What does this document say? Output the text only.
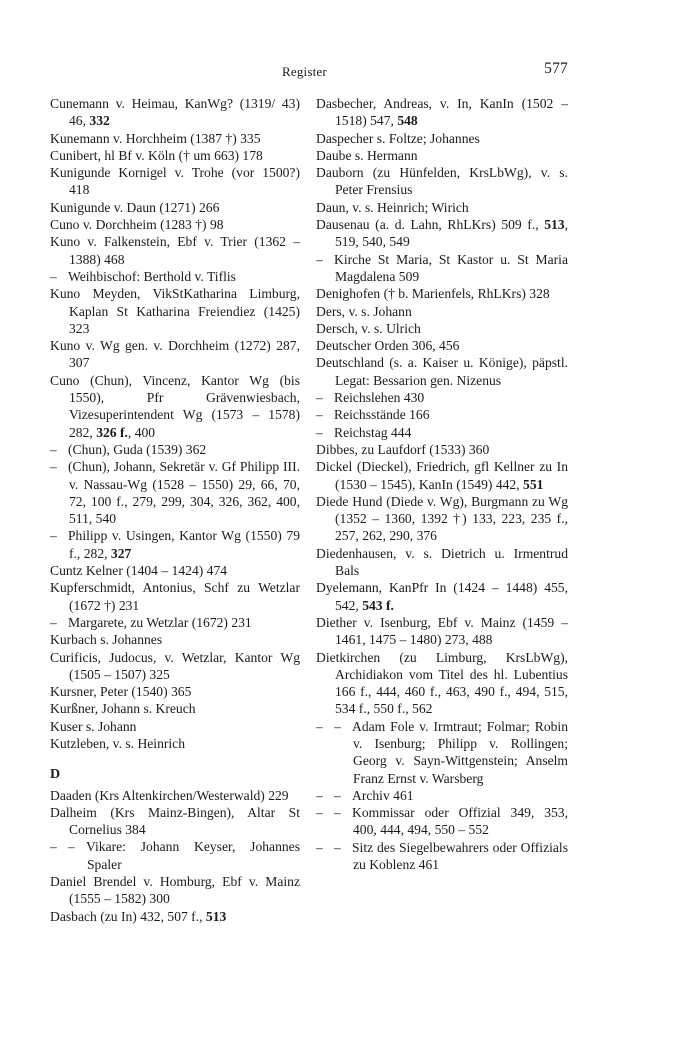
Register	577
Cunemann v. Heimau, KanWg? (1319/ 43) 46, 332
Kunemann v. Horchheim (1387 †) 335
Cunibert, hl Bf v. Köln († um 663) 178
Kunigunde Kornigel v. Trohe (vor 1500?) 418
Kunigunde v. Daun (1271) 266
Cuno v. Dorchheim (1283 †) 98
Kuno v. Falkenstein, Ebf v. Trier (1362 – 1388) 468
– Weihbischof: Berthold v. Tiflis
Kuno Meyden, VikStKatharina Limburg, Kaplan St Katharina Freiendiez (1425) 323
Kuno v. Wg gen. v. Dorchheim (1272) 287, 307
Cuno (Chun), Vincenz, Kantor Wg (bis 1550), Pfr Grävenwiesbach, Vizesuperintendent Wg (1573 – 1578) 282, 326 f., 400
– (Chun), Guda (1539) 362
– (Chun), Johann, Sekretär v. Gf Philipp III. v. Nassau-Wg (1528 – 1550) 29, 66, 70, 72, 100 f., 279, 299, 304, 326, 362, 400, 511, 540
– Philipp v. Usingen, Kantor Wg (1550) 79 f., 282, 327
Cuntz Kelner (1404 – 1424) 474
Kupferschmidt, Antonius, Schf zu Wetzlar (1672 †) 231
– Margarete, zu Wetzlar (1672) 231
Kurbach s. Johannes
Curificis, Judocus, v. Wetzlar, Kantor Wg (1505 – 1507) 325
Kursner, Peter (1540) 365
Kurßner, Johann s. Kreuch
Kuser s. Johann
Kutzleben, v. s. Heinrich
D
Daaden (Krs Altenkirchen/Westerwald) 229
Dalheim (Krs Mainz-Bingen), Altar St Cornelius 384
– – Vikare: Johann Keyser, Johannes Spaler
Daniel Brendel v. Homburg, Ebf v. Mainz (1555 – 1582) 300
Dasbach (zu In) 432, 507 f., 513
Dasbecher, Andreas, v. In, KanIn (1502 – 1518) 547, 548
Daspecher s. Foltze; Johannes
Daube s. Hermann
Dauborn (zu Hünfelden, KrsLbWg), v. s. Peter Frensius
Daun, v. s. Heinrich; Wirich
Dausenau (a. d. Lahn, RhLKrs) 509 f., 513, 519, 540, 549
– Kirche St Maria, St Kastor u. St Maria Magdalena 509
Denighofen († b. Marienfels, RhLKrs) 328
Ders, v. s. Johann
Dersch, v. s. Ulrich
Deutscher Orden 306, 456
Deutschland (s. a. Kaiser u. Könige), päpstl. Legat: Bessarion gen. Nizenus
– Reichslehen 430
– Reichsstände 166
– Reichstag 444
Dibbes, zu Laufdorf (1533) 360
Dickel (Dieckel), Friedrich, gfl Kellner zu In (1530 – 1545), KanIn (1549) 442, 551
Diede Hund (Diede v. Wg), Burgmann zu Wg (1352 – 1360, 1392 †) 133, 223, 235 f., 257, 262, 290, 376
Diedenhausen, v. s. Dietrich u. Irmentrud Bals
Dyelemann, KanPfr In (1424 – 1448) 455, 542, 543 f.
Diether v. Isenburg, Ebf v. Mainz (1459 – 1461, 1475 – 1480) 273, 488
Dietkirchen (zu Limburg, KrsLbWg), Archidiakon vom Titel des hl. Lubentius 166 f., 444, 460 f., 463, 490 f., 494, 515, 534 f., 550 f., 562
– – Adam Fole v. Irmtraut; Folmar; Robin v. Isenburg; Philipp v. Rollingen; Georg v. Sayn-Wittgenstein; Anselm Franz Ernst v. Warsberg
– – Archiv 461
– – Kommissar oder Offizial 349, 353, 400, 444, 494, 550 – 552
– – Sitz des Siegelbewahrers oder Offizials zu Koblenz 461
